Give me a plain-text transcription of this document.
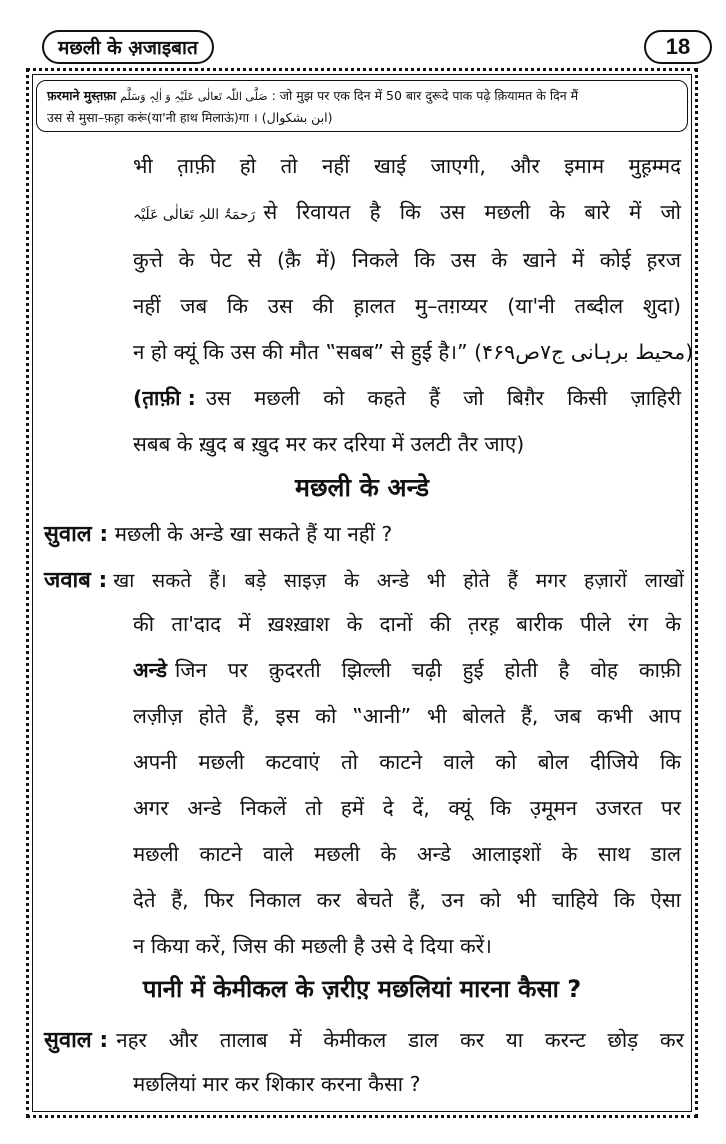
मछली के अ़जाइबात	18
फ़रमाने मुस्त़फ़ा صَلَّی اللّٰہ تَعالٰی عَلَیْہِ وَ اٰلِہٖ وَسَلَّم : जो मुझ पर एक दिन में 50 बार दुरूदे पाक पढ़े क़ियामत के दिन मैं
उस से मुसा–फ़ह़ा करूं(या'नी हाथ मिलाऊं)गा । (ابن بشکوال)
भी त़ाफ़ी हो तो नहीं खाई जाएगी, और इमाम मुह़म्मद
رَحمَۃُ اللہِ تَعَالٰی عَلَیْہ से रिवायत है कि उस मछली के बारे में जो
कुत्ते के पेट से (क़ै में) निकले कि उस के खाने में कोई ह़रज
नहीं जब कि उस की ह़ालत मु–तग़य्यर (या'नी तब्दील शुदा)
न हो क्यूं कि उस की मौत ‟सबब” से हुई है।” (محیط برہانی ج۷ص۴۶۹)
(त़ाफ़ी : उस मछली को कहते हैं जो बिग़ैर किसी ज़ाहिरी
सबब के ख़ुद ब ख़ुद मर कर दरिया में उलटी तैर जाए)
मछली के अन्डे
सुवाल : मछली के अन्डे खा सकते हैं या नहीं ?
जवाब : खा सकते हैं। बड़े साइज़ के अन्डे भी होते हैं मगर हज़ारों लाखों
की ता'दाद में ख़श्ख़ाश के दानों की त़रह़ बारीक पीले रंग के
अन्डे जिन पर क़ुदरती झिल्ली चढ़ी हुई होती है वोह काफ़ी
लज़ीज़ होते हैं, इस को ‟आनी” भी बोलते हैं, जब कभी आप
अपनी मछली कटवाएं तो काटने वाले को बोल दीजिये कि
अगर अन्डे निकलें तो हमें दे दें, क्यूं कि उ़मूमन उजरत पर
मछली काटने वाले मछली के अन्डे आलाइशों के साथ डाल
देते हैं, फिर निकाल कर बेचते हैं, उन को भी चाहिये कि ऐसा
न किया करें, जिस की मछली है उसे दे दिया करें।
पानी में केमीकल के ज़रीए़ मछलियां मारना कैसा ?
सुवाल : नहर और तालाब में केमीकल डाल कर या करन्ट छोड़ कर
मछलियां मार कर शिकार करना कैसा ?
